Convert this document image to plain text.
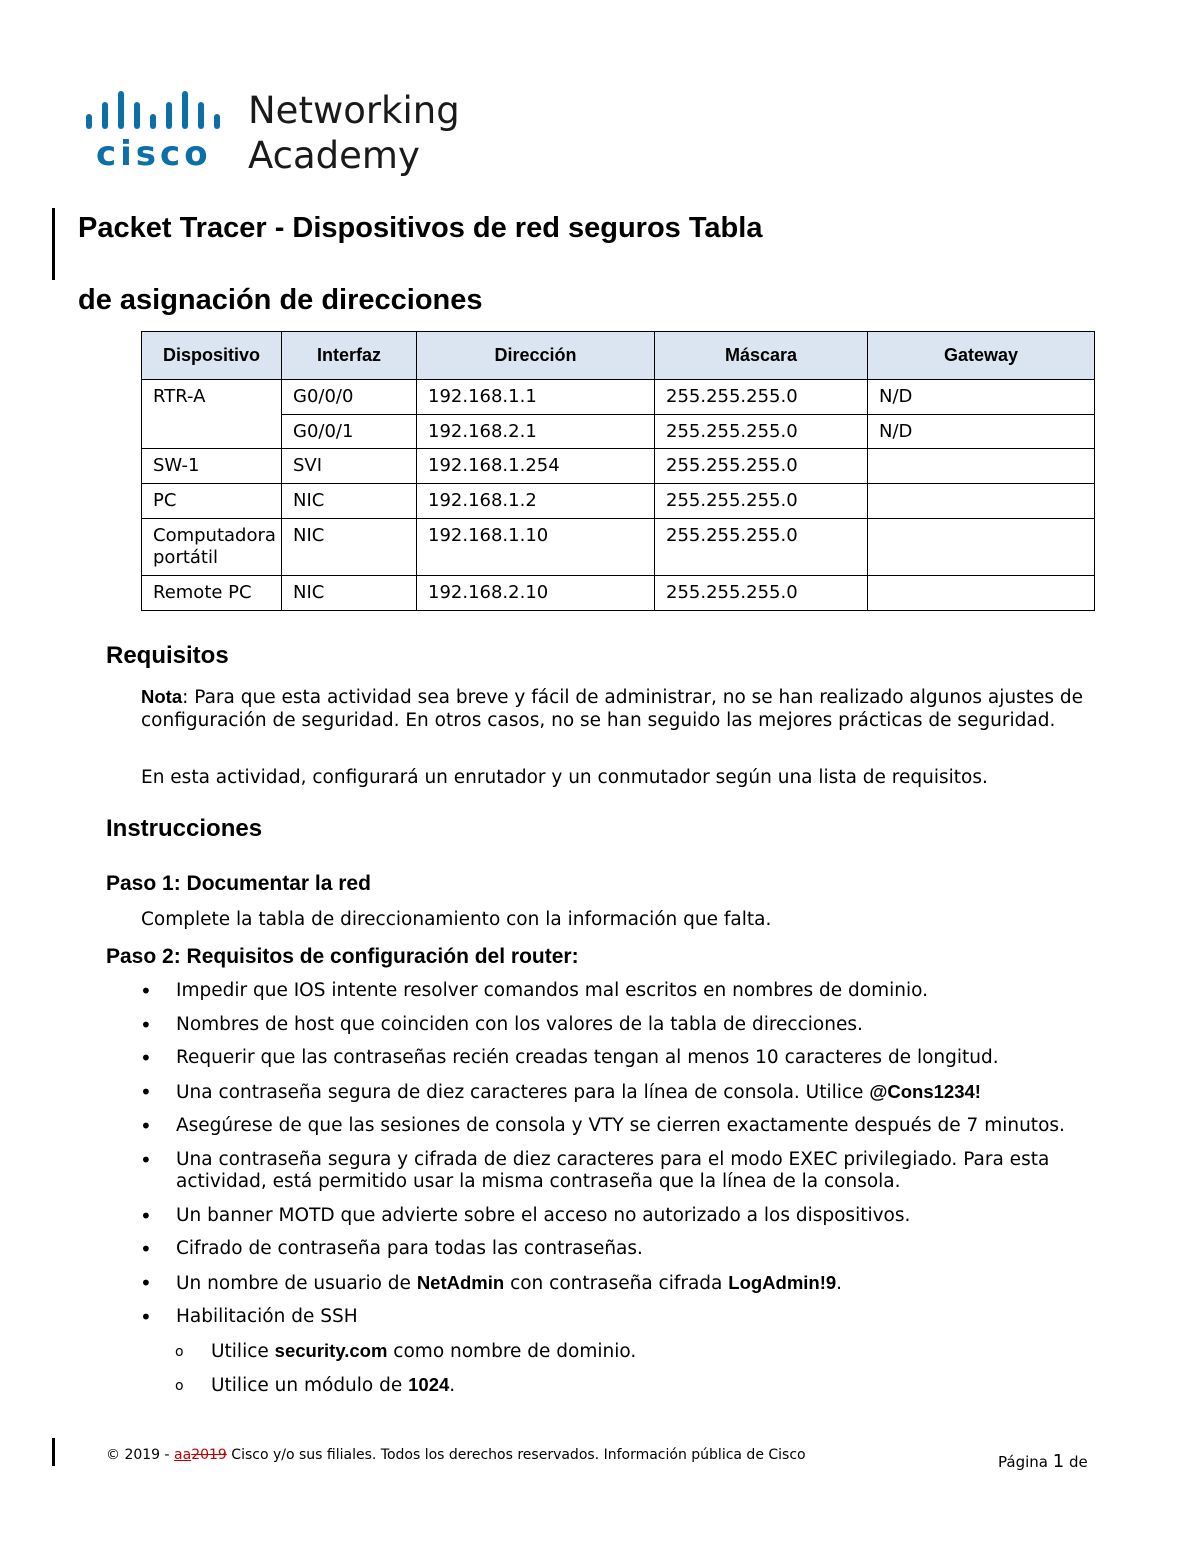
cisco
Networking
Academy
Packet Tracer - Dispositivos de red seguros Tabla
de asignación de direcciones
Dispositivo	Interfaz	Dirección	Máscara	Gateway
RTR-A	G0/0/0	192.168.1.1	255.255.255.0	N/D
	G0/0/1	192.168.2.1	255.255.255.0	N/D
SW-1	SVI	192.168.1.254	255.255.255.0	
PC	NIC	192.168.1.2	255.255.255.0	
Computadora portátil	NIC	192.168.1.10	255.255.255.0	
Remote PC	NIC	192.168.2.10	255.255.255.0	
Requisitos

Nota: Para que esta actividad sea breve y fácil de administrar, no se han realizado algunos ajustes de configuración de seguridad. En otros casos, no se han seguido las mejores prácticas de seguridad.

En esta actividad, configurará un enrutador y un conmutador según una lista de requisitos.

Instrucciones
Paso 1: Documentar la red

Complete la tabla de direccionamiento con la información que falta.

Paso 2: Requisitos de configuración del router:
• Impedir que IOS intente resolver comandos mal escritos en nombres de dominio.
• Nombres de host que coinciden con los valores de la tabla de direcciones.
• Requerir que las contraseñas recién creadas tengan al menos 10 caracteres de longitud.
• Una contraseña segura de diez caracteres para la línea de consola. Utilice @Cons1234!
• Asegúrese de que las sesiones de consola y VTY se cierren exactamente después de 7 minutos.
• Una contraseña segura y cifrada de diez caracteres para el modo EXEC privilegiado. Para esta actividad, está permitido usar la misma contraseña que la línea de la consola.
• Un banner MOTD que advierte sobre el acceso no autorizado a los dispositivos.
• Cifrado de contraseña para todas las contraseñas.
• Un nombre de usuario de NetAdmin con contraseña cifrada LogAdmin!9.
• Habilitación de SSH
o Utilice security.com como nombre de dominio.
o Utilice un módulo de 1024.
© 2019 - aa2019 Cisco y/o sus filiales. Todos los derechos reservados. Información pública de Cisco	Página 1 de
